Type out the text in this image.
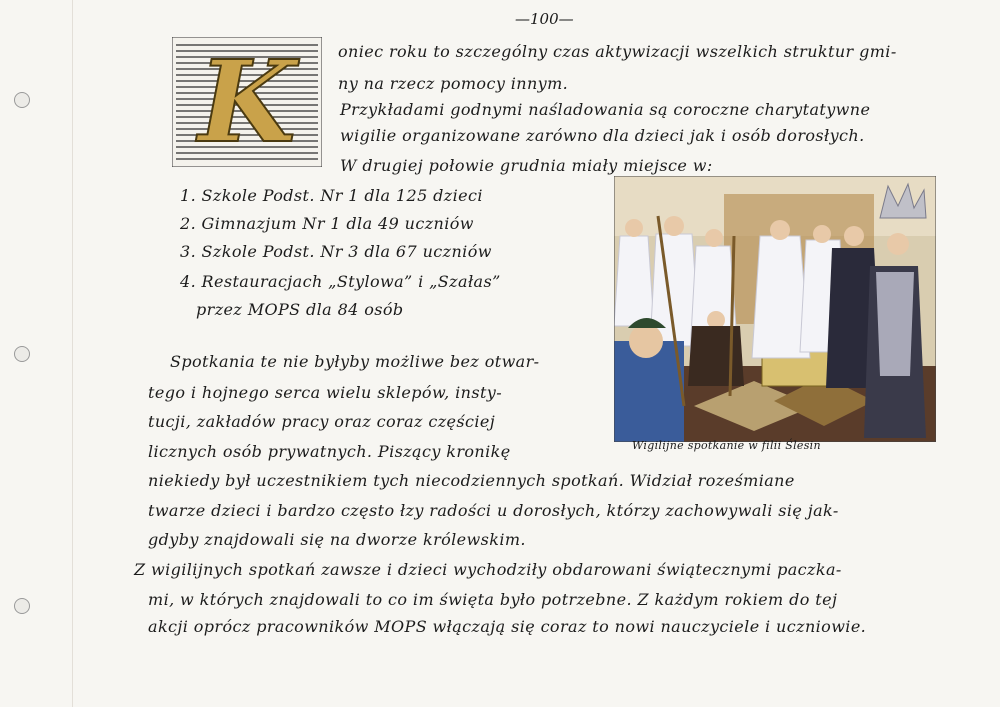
—100—
K	oniec roku to szczególny czas aktywizacji wszelkich struktur gmi-
ny na rzecz pomocy innym.
Przykładami godnymi naśladowania są coroczne charytatywne
wigilie organizowane zarówno dla dzieci jak i osób dorosłych.
W drugiej połowie grudnia miały miejsce w:
1. Szkole Podst. Nr 1 dla 125 dzieci
2. Gimnazjum Nr 1 dla 49 uczniów
3. Szkole Podst. Nr 3 dla 67 uczniów
4. Restauracjach „Stylowa” i „Szałas”
przez MOPS dla 84 osób
Wigilijne spotkanie w filii Ślesin
Spotkania te nie byłyby możliwe bez otwar-
tego i hojnego serca wielu sklepów, insty-
tucji, zakładów pracy oraz coraz częściej
licznych osób prywatnych. Piszący kronikę
niekiedy był uczestnikiem tych niecodziennych spotkań. Widział roześmiane
twarze dzieci i bardzo często łzy radości u dorosłych, którzy zachowywali się jak-
gdyby znajdowali się na dworze królewskim.
Z wigilijnych spotkań zawsze i dzieci wychodziły obdarowani świątecznymi paczka-
mi, w których znajdowali to co im święta było potrzebne. Z każdym rokiem do tej
akcji oprócz pracowników MOPS włączają się coraz to nowi nauczyciele i uczniowie.
